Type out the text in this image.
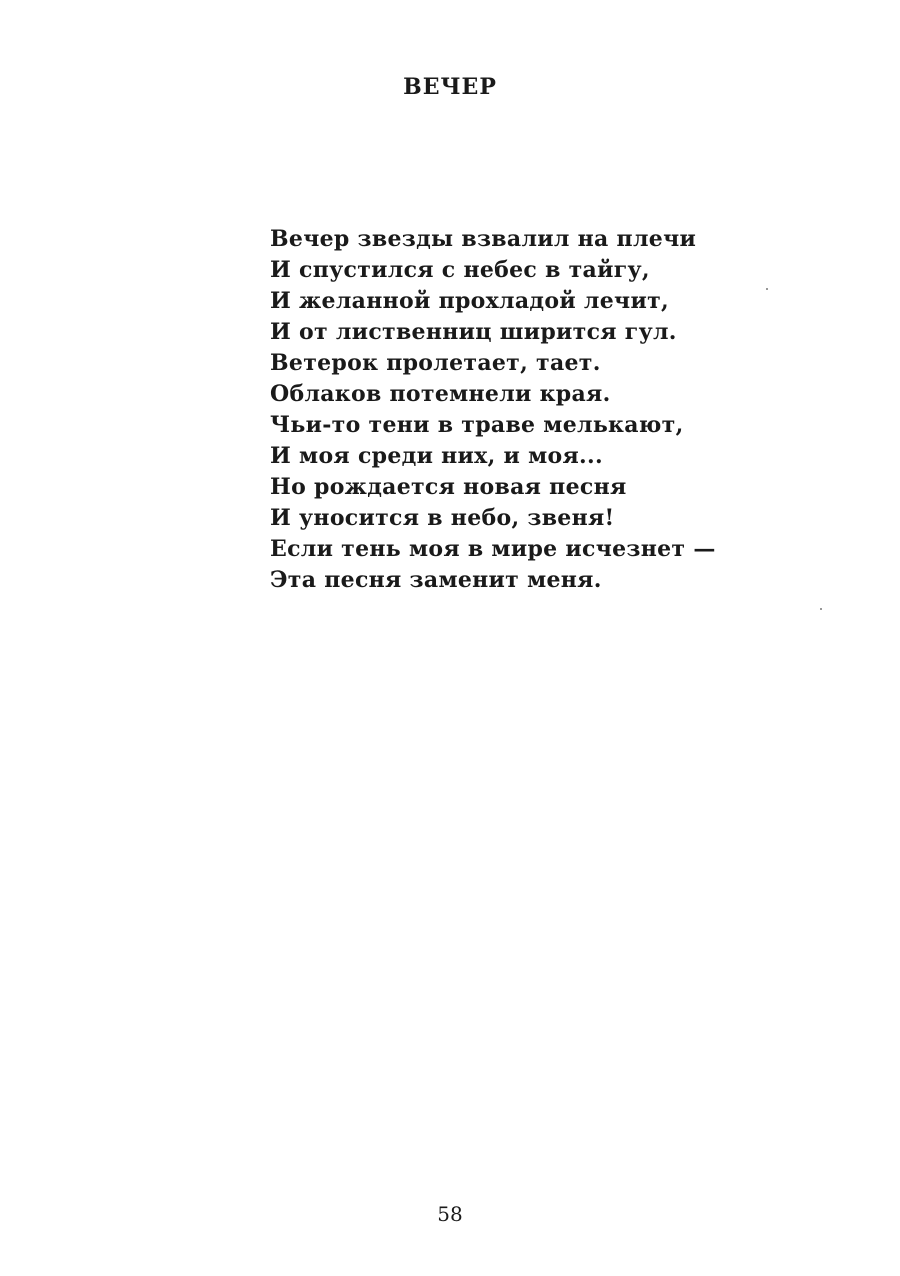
ВЕЧЕР
Вечер звезды взвалил на плечи
И спустился с небес в тайгу,
И желанной прохладой лечит,
И от лиственниц ширится гул.
Ветерок пролетает, тает.
Облаков потемнели края.
Чьи-то тени в траве мелькают,
И моя среди них, и моя...
Но рождается новая песня
И уносится в небо, звеня!
Если тень моя в мире исчезнет —
Эта песня заменит меня.
58
